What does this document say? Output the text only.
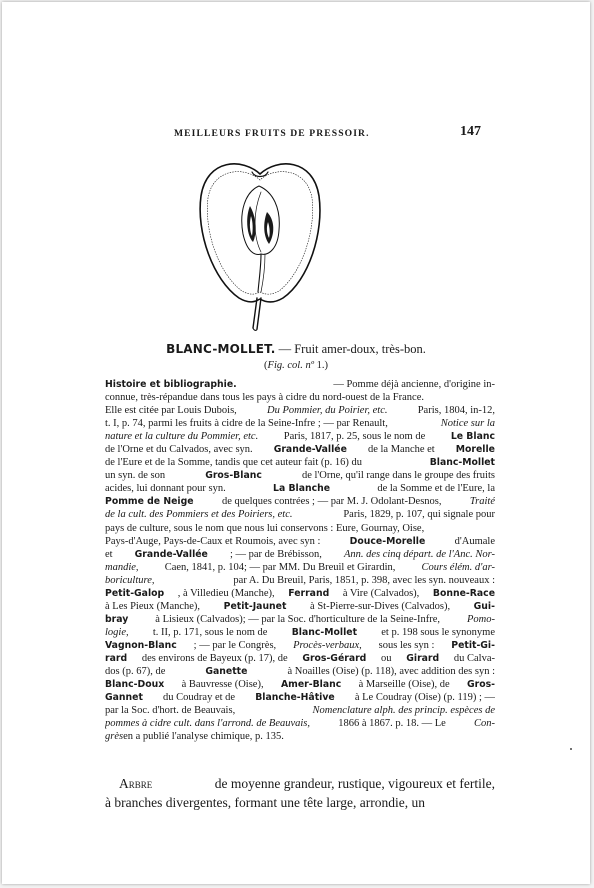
MEILLEURS FRUITS DE PRESSOIR.	147
BLANC-MOLLET. — Fruit amer-doux, très-bon.
(Fig. col. nº 1.)
Histoire et bibliographie.	— Pomme déjà ancienne, d'origine in-
connue, très-répandue dans tous les pays à cidre du nord-ouest de la France.
Elle est citée par Louis Dubois,	Du Pommier, du Poirier, etc.	Paris, 1804, in-12,
t. I, p. 74, parmi les fruits à cidre de la Seine-Infre ; — par Renault,	Notice sur la
nature et la culture du Pommier, etc. Paris, 1817, p. 25, sous le nom de	Le Blanc
de l'Orne et du Calvados, avec syn. Grande-Vallée de la Manche et Morelle
de l'Eure et de la Somme, tandis que cet auteur fait (p. 16) du	Blanc-Mollet
un syn. de son	Gros-Blanc	de l'Orne, qu'il range dans le groupe des fruits
acides, lui donnant pour syn.	La Blanche	de la Somme et de l'Eure, la
Pomme de Neige	de quelques contrées ; — par M. J. Odolant-Desnos,	Traité
de la cult. des Pommiers et des Poiriers, etc.	Paris, 1829, p. 107, qui signale pour
pays de culture, sous le nom que nous lui conservons : Eure, Gournay, Oise,
Pays-d'Auge, Pays-de-Caux et Roumois, avec syn :	Douce-Morelle	d'Aumale
et Grande-Vallée ; — par de Brébisson, Ann. des cinq départ. de l'Anc. Nor-
mandie, Caen, 1841, p. 104; — par MM. Du Breuil et Girardin, Cours élém. d'ar-
boriculture,	par A. Du Breuil, Paris, 1851, p. 398, avec les syn. nouveaux :
Petit-Galop , à Villedieu (Manche), Ferrand à Vire (Calvados), Bonne-Race
à Les Pieux (Manche),	Petit-Jaunet à St-Pierre-sur-Dives (Calvados),	Gui-
bray	à Lisieux (Calvados); — par la Soc. d'horticulture de la Seine-Infre,	Pomo-
logie, t. II, p. 171, sous le nom de	Blanc-Mollet et p. 198 sous le synonyme
Vagnon-Blanc ; — par le Congrès, Procès-verbaux, sous les syn : Petit-Gi-
rard des environs de Bayeux (p. 17), de Gros-Gérard ou Girard du Calva-
dos (p. 67), de	Ganette	à Noailles (Oise) (p. 118), avec addition des syn :
Blanc-Doux à Bauvresse (Oise), Amer-Blanc à Marseille (Oise), de Gros-
Gannet du Coudray et de Blanche-Hâtive à Le Coudray (Oise) (p. 119) ; —
par la Soc. d'hort. de Beauvais,	Nomenclature alph. des princip. espèces de
pommes à cidre cult. dans l'arrond. de Beauvais,	1866 à 1867. p. 18. — Le	Con-
grès en a publié l'analyse chimique, p. 135.
Arbre	de moyenne grandeur, rustique, vigoureux et fertile,
à branches divergentes, formant une tête large, arrondie, un
